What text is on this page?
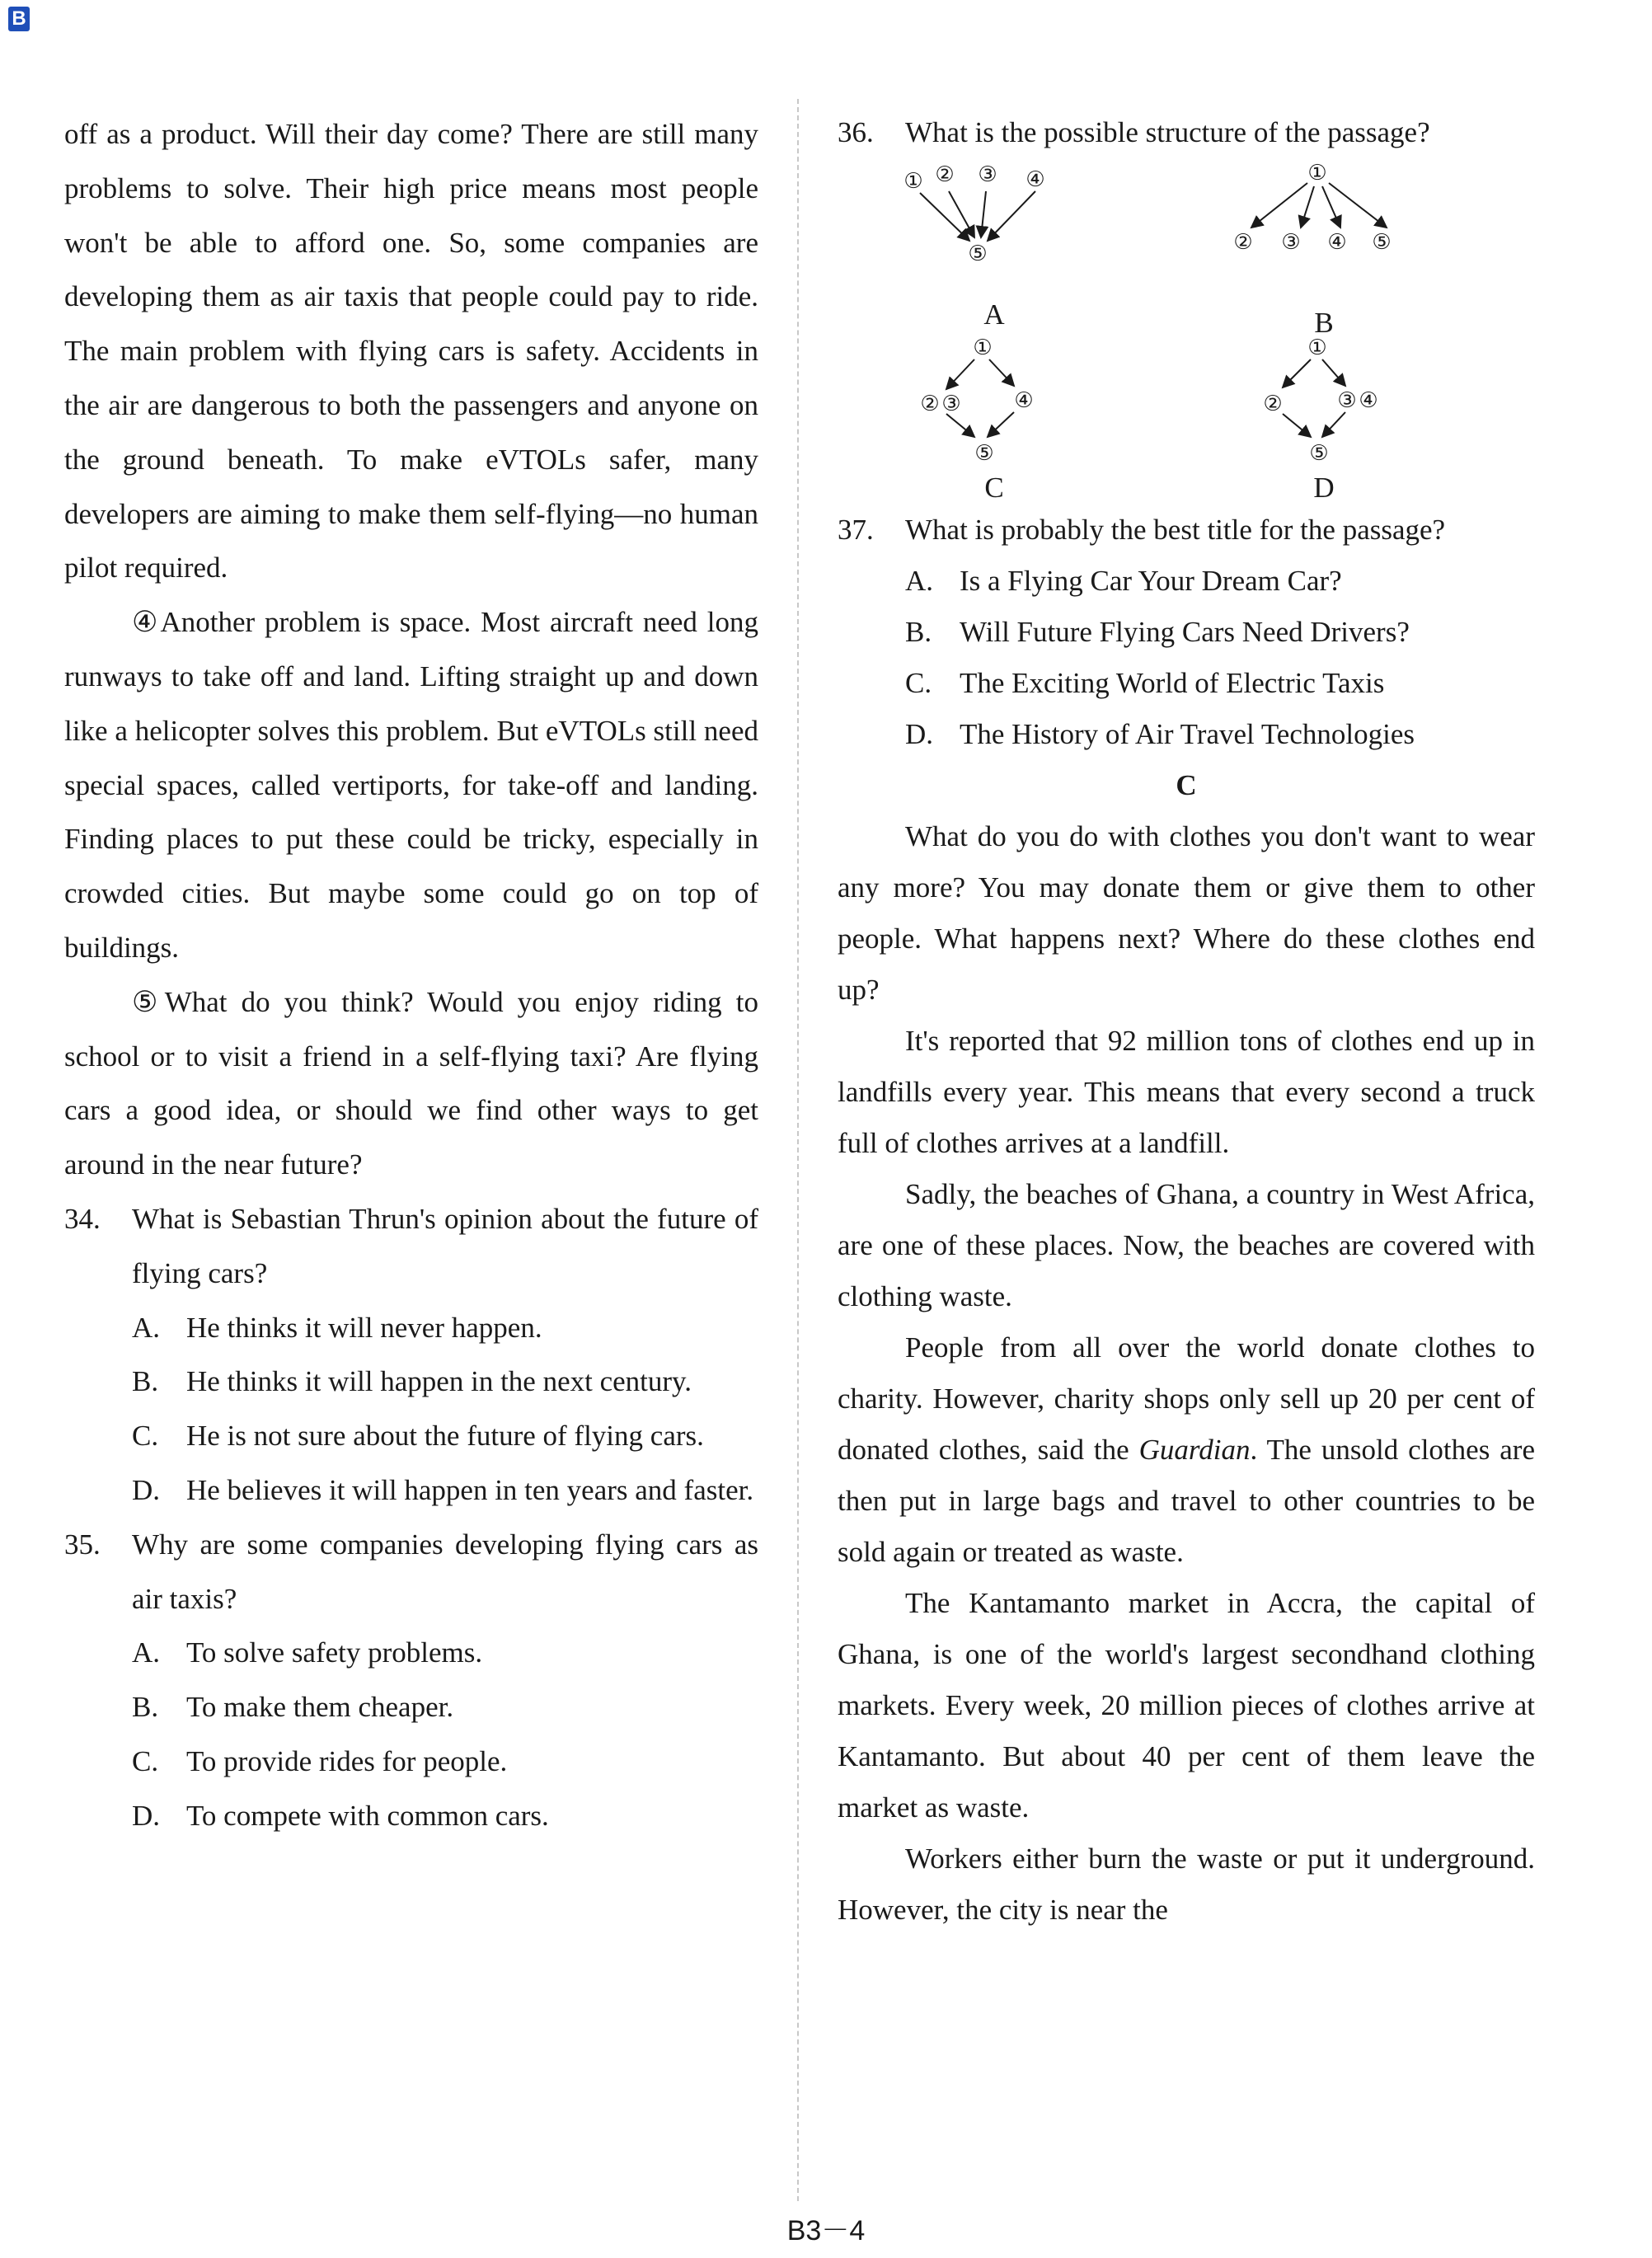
B

off as a product. Will their day come? There are still many problems to solve. Their high price means most people won't be able to afford one. So, some companies are developing them as air taxis that people could pay to ride. The main problem with flying cars is safety. Accidents in the air are dangerous to both the passengers and anyone on the ground beneath. To make eVTOLs safer, many developers are aiming to make them self-flying—no human pilot required.

④Another problem is space. Most aircraft need long runways to take off and land. Lifting straight up and down like a helicopter solves this problem. But eVTOLs still need special spaces, called vertiports, for take-off and landing. Finding places to put these could be tricky, especially in crowded cities. But maybe some could go on top of buildings.

⑤What do you think? Would you enjoy riding to school or to visit a friend in a self-flying taxi? Are flying cars a good idea, or should we find other ways to get around in the near future?

34.	What is Sebastian Thrun's opinion about the future of flying cars?
A. He thinks it will never happen.
B. He thinks it will happen in the next century.
C. He is not sure about the future of flying cars.
D. He believes it will happen in ten years and faster.
35.	Why are some companies developing flying cars as air taxis?
A. To solve safety problems.
B. To make them cheaper.
C. To provide rides for people.
D. To compete with common cars.
36.	What is the possible structure of the passage?
① ② ③ ④
⑤
A
①
② ③ ④ ⑤
B
①
② ③ ④
⑤
C
①
②	③ ④
⑤
D
37.	What is probably the best title for the passage?
A. Is a Flying Car Your Dream Car?
B. Will Future Flying Cars Need Drivers?
C. The Exciting World of Electric Taxis
D. The History of Air Travel Technologies

C

What do you do with clothes you don't want to wear any more? You may donate them or give them to other people. What happens next? Where do these clothes end up?

It's reported that 92 million tons of clothes end up in landfills every year. This means that every second a truck full of clothes arrives at a landfill.

Sadly, the beaches of Ghana, a country in West Africa, are one of these places. Now, the beaches are covered with clothing waste.

People from all over the world donate clothes to charity. However, charity shops only sell up 20 per cent of donated clothes, said the Guardian. The unsold clothes are then put in large bags and travel to other countries to be sold again or treated as waste.

The Kantamanto market in Accra, the capital of Ghana, is one of the world's largest secondhand clothing markets. Every week, 20 million pieces of clothes arrive at Kantamanto. But about 40 per cent of them leave the market as waste.

Workers either burn the waste or put it underground. However, the city is near the

B3－4
